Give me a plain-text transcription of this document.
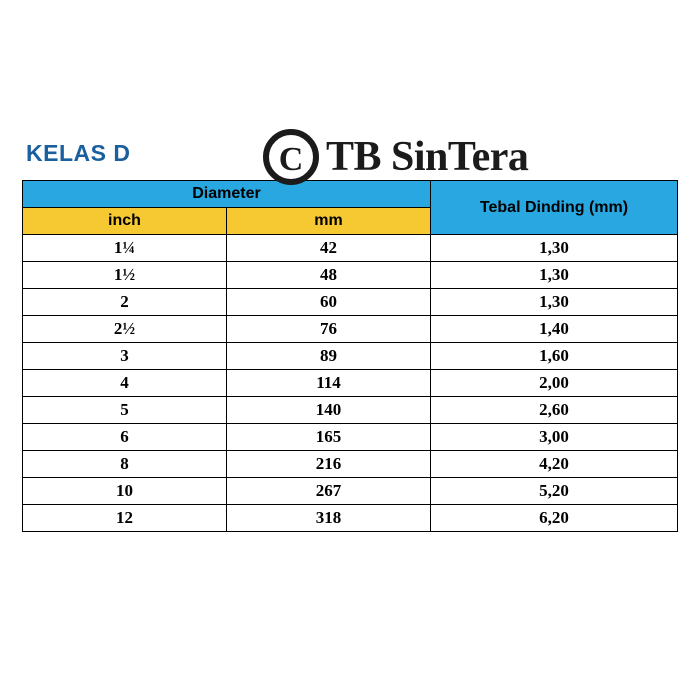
KELAS D
Diameter		Tebal Dinding (mm)
inch	mm	
1¼	42	1,30
1½	48	1,30
2	60	1,30
2½	76	1,40
3	89	1,60
4	114	2,00
5	140	2,60
6	165	3,00
8	216	4,20
10	267	5,20
12	318	6,20
C TB SinTera
